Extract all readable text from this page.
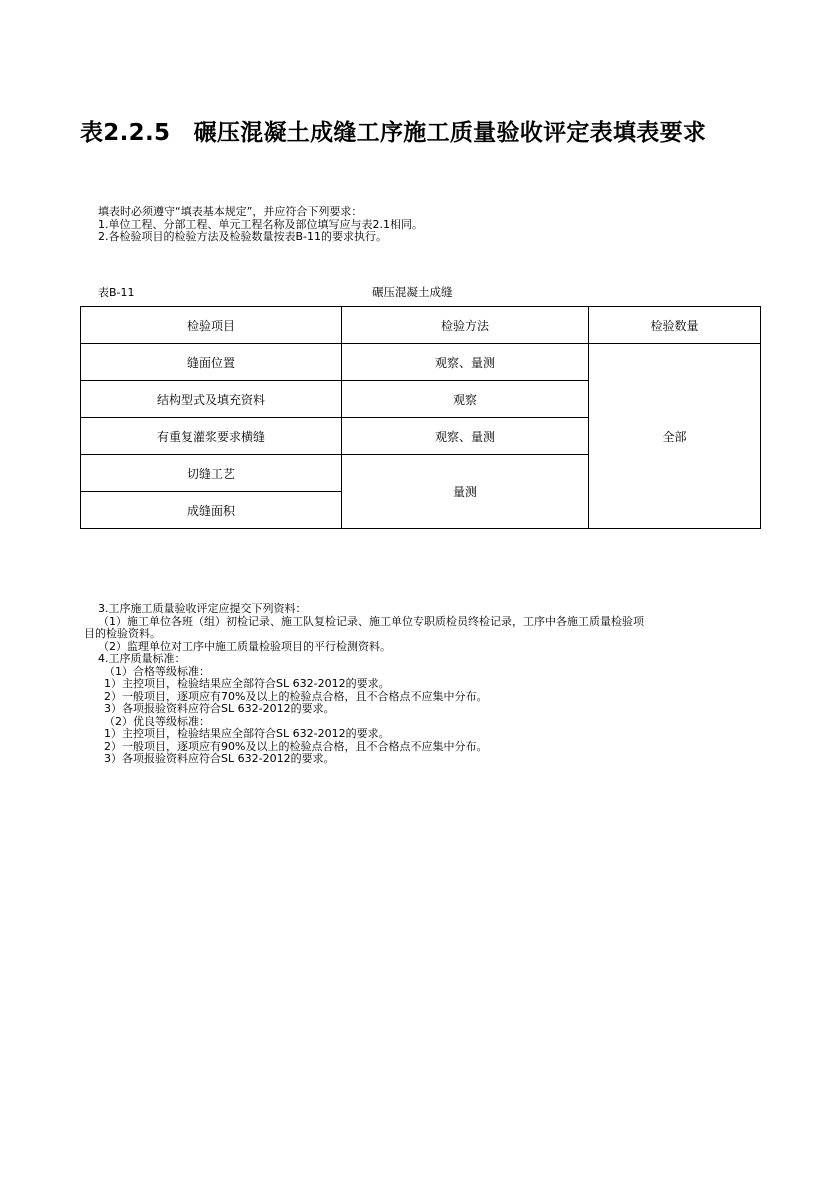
表2.2.5　碾压混凝土成缝工序施工质量验收评定表填表要求
填表时必须遵守“填表基本规定”，并应符合下列要求：
1.单位工程、分部工程、单元工程名称及部位填写应与表2.1相同。
2.各检验项目的检验方法及检验数量按表B-11的要求执行。
表B-11	碾压混凝土成缝
检验项目	检验方法	检验数量
缝面位置	观察、量测	全部
结构型式及填充资料	观察	
有重复灌浆要求横缝	观察、量测	
切缝工艺	量测	
成缝面积		
3.工序施工质量验收评定应提交下列资料：
（1）施工单位各班（组）初检记录、施工队复检记录、施工单位专职质检员终检记录，工序中各施工质量检验项
目的检验资料。
（2）监理单位对工序中施工质量检验项目的平行检测资料。
4.工序质量标准：
（1）合格等级标准：
1）主控项目，检验结果应全部符合SL 632-2012的要求。
2）一般项目，逐项应有70%及以上的检验点合格，且不合格点不应集中分布。
3）各项报验资料应符合SL 632-2012的要求。
（2）优良等级标准：
1）主控项目，检验结果应全部符合SL 632-2012的要求。
2）一般项目，逐项应有90%及以上的检验点合格，且不合格点不应集中分布。
3）各项报验资料应符合SL 632-2012的要求。
